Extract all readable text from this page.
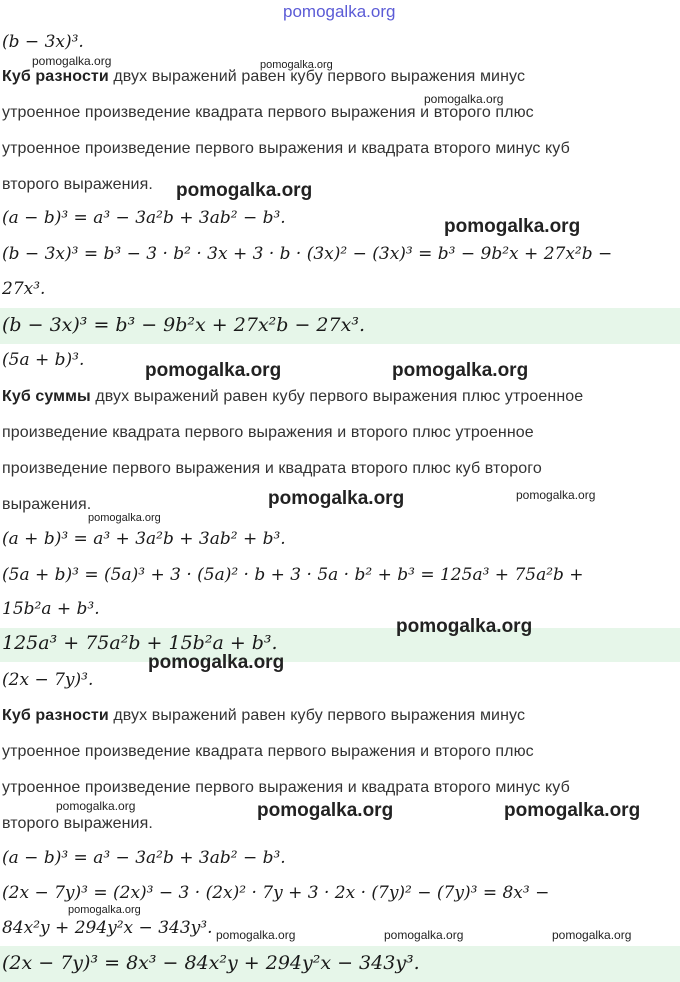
pomogalka.org
(b − 3x)³.
Куб разности двух выражений равен кубу первого выражения минус
утроенное произведение квадрата первого выражения и второго плюс
утроенное произведение первого выражения и квадрата второго минус куб
второго выражения.
(a − b)³ = a³ − 3a²b + 3ab² − b³.
(b − 3x)³ = b³ − 3 · b² · 3x + 3 · b · (3x)² − (3x)³ = b³ − 9b²x + 27x²b −
27x³.
(b − 3x)³ = b³ − 9b²x + 27x²b − 27x³.
(5a + b)³.
Куб суммы двух выражений равен кубу первого выражения плюс утроенное
произведение квадрата первого выражения и второго плюс утроенное
произведение первого выражения и квадрата второго плюс куб второго
выражения.
(a + b)³ = a³ + 3a²b + 3ab² + b³.
(5a + b)³ = (5a)³ + 3 · (5a)² · b + 3 · 5a · b² + b³ = 125a³ + 75a²b +
15b²a + b³.
125a³ + 75a²b + 15b²a + b³.
(2x − 7y)³.
Куб разности двух выражений равен кубу первого выражения минус
утроенное произведение квадрата первого выражения и второго плюс
утроенное произведение первого выражения и квадрата второго минус куб
второго выражения.
(a − b)³ = a³ − 3a²b + 3ab² − b³.
(2x − 7y)³ = (2x)³ − 3 · (2x)² · 7y + 3 · 2x · (7y)² − (7y)³ = 8x³ −
84x²y + 294y²x − 343y³.
(2x − 7y)³ = 8x³ − 84x²y + 294y²x − 343y³.
pomogalka.org	pomogalka.org
pomogalka.org
pomogalka.org
pomogalka.org
pomogalka.org	pomogalka.org
pomogalka.org	pomogalka.org
pomogalka.org
pomogalka.org
pomogalka.org
pomogalka.org	pomogalka.org	pomogalka.org
pomogalka.org
pomogalka.org	pomogalka.org	pomogalka.org
